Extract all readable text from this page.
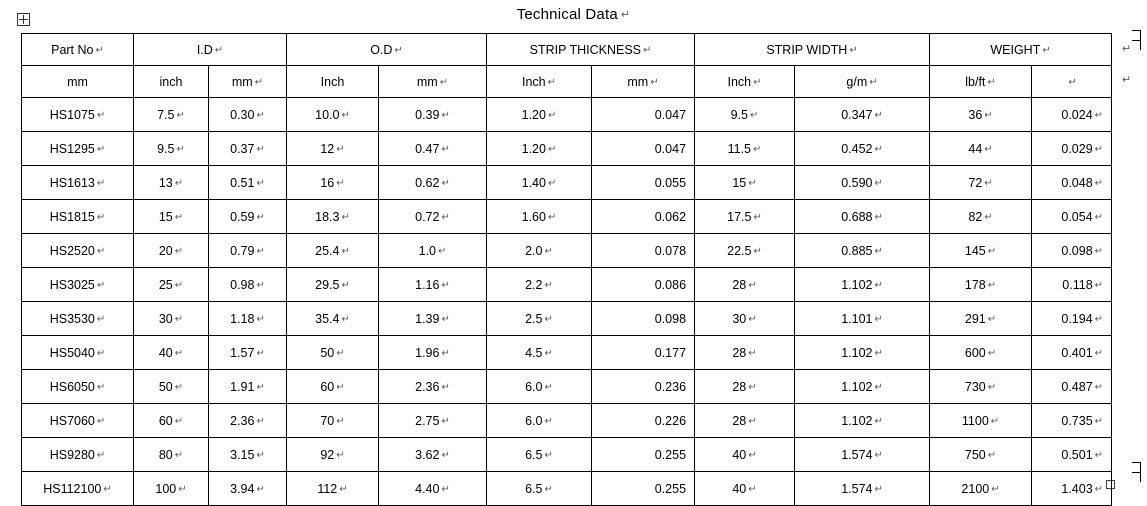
Technical Data ↵
↵
↵
Part No ↵	I.D ↵		O.D ↵		STRIP THICKNESS ↵		STRIP WIDTH ↵		WEIGHT ↵	
mm	inch	mm ↵	Inch	mm ↵	Inch ↵	mm ↵	Inch ↵	g/m ↵	lb/ft ↵	↵
HS1075 ↵	7.5 ↵	0.30 ↵	10.0 ↵	0.39 ↵	1.20 ↵	0.047	9.5 ↵	0.347 ↵	36 ↵	0.024 ↵
HS1295 ↵	9.5 ↵	0.37 ↵	12 ↵	0.47 ↵	1.20 ↵	0.047	11.5 ↵	0.452 ↵	44 ↵	0.029 ↵
HS1613 ↵	13 ↵	0.51 ↵	16 ↵	0.62 ↵	1.40 ↵	0.055	15 ↵	0.590 ↵	72 ↵	0.048 ↵
HS1815 ↵	15 ↵	0.59 ↵	18.3 ↵	0.72 ↵	1.60 ↵	0.062	17.5 ↵	0.688 ↵	82 ↵	0.054 ↵
HS2520 ↵	20 ↵	0.79 ↵	25.4 ↵	1.0 ↵	2.0 ↵	0.078	22.5 ↵	0.885 ↵	145 ↵	0.098 ↵
HS3025 ↵	25 ↵	0.98 ↵	29.5 ↵	1.16 ↵	2.2 ↵	0.086	28 ↵	1.102 ↵	178 ↵	0.118 ↵
HS3530 ↵	30 ↵	1.18 ↵	35.4 ↵	1.39 ↵	2.5 ↵	0.098	30 ↵	1.101 ↵	291 ↵	0.194 ↵
HS5040 ↵	40 ↵	1.57 ↵	50 ↵	1.96 ↵	4.5 ↵	0.177	28 ↵	1.102 ↵	600 ↵	0.401 ↵
HS6050 ↵	50 ↵	1.91 ↵	60 ↵	2.36 ↵	6.0 ↵	0.236	28 ↵	1.102 ↵	730 ↵	0.487 ↵
HS7060 ↵	60 ↵	2.36 ↵	70 ↵	2.75 ↵	6.0 ↵	0.226	28 ↵	1.102 ↵	1100 ↵	0.735 ↵
HS9280 ↵	80 ↵	3.15 ↵	92 ↵	3.62 ↵	6.5 ↵	0.255	40 ↵	1.574 ↵	750 ↵	0.501 ↵
HS112100 ↵	100 ↵	3.94 ↵	112 ↵	4.40 ↵	6.5 ↵	0.255	40 ↵	1.574 ↵	2100 ↵	1.403 ↵
